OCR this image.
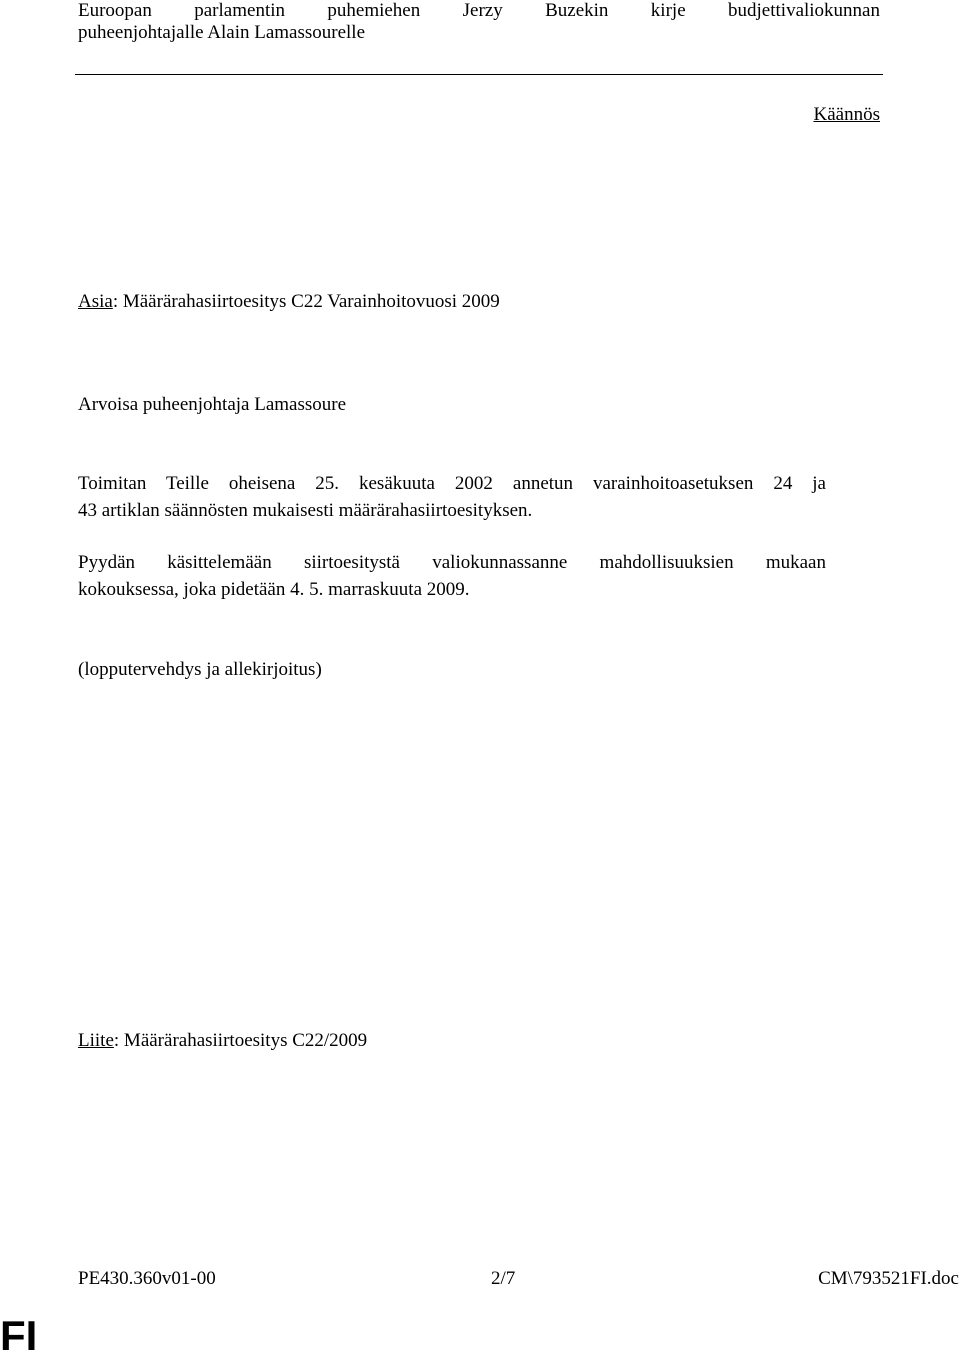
Euroopan parlamentin puhemiehen Jerzy Buzekin kirje budjettivaliokunnan
puheenjohtajalle Alain Lamassourelle
Käännös
Asia: Määrärahasiirtoesitys C22 Varainhoitovuosi 2009
Arvoisa puheenjohtaja Lamassoure
Toimitan Teille oheisena 25. kesäkuuta 2002 annetun varainhoitoasetuksen 24 ja
43 artiklan säännösten mukaisesti määrärahasiirtoesityksen.
Pyydän käsittelemään siirtoesitystä valiokunnassanne mahdollisuuksien mukaan
kokouksessa, joka pidetään 4. 5. marraskuuta 2009.
(lopputervehdys ja allekirjoitus)
Liite: Määrärahasiirtoesitys C22/2009
PE430.360v01-00	2/7	CM\793521FI.doc
FI
